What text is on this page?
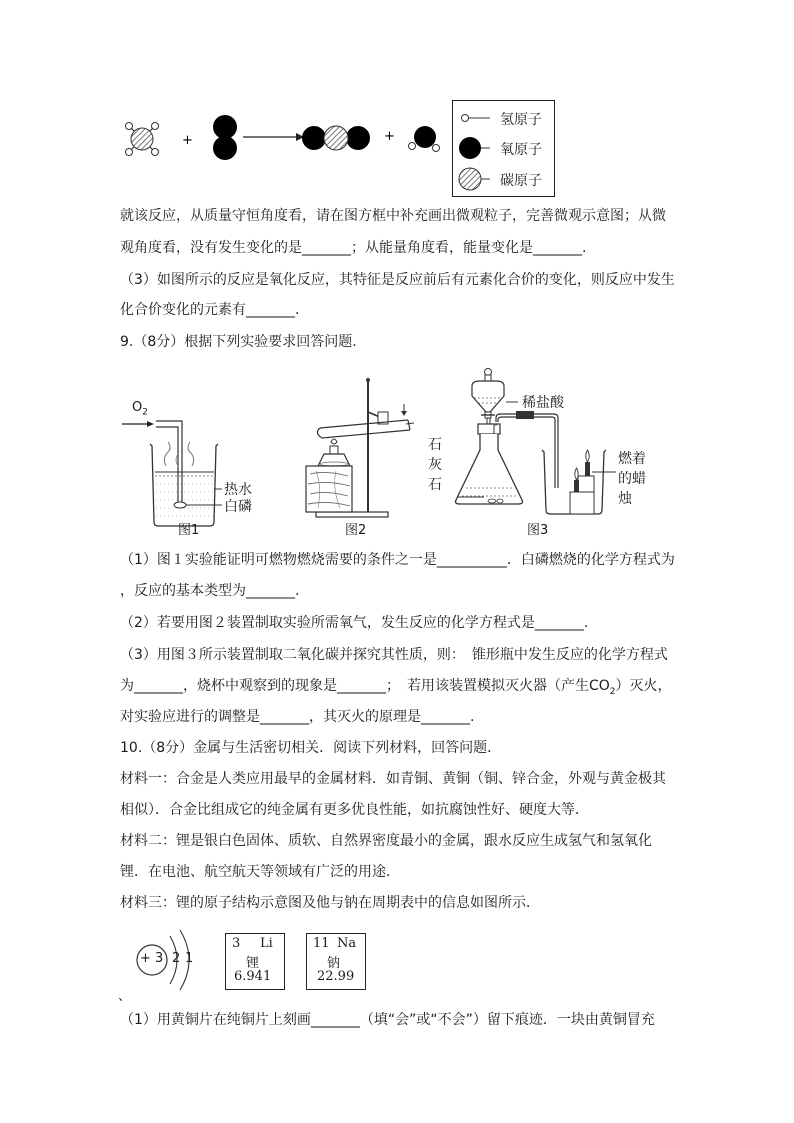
+	+
氢原子
氧原子
碳原子
就该反应，从质量守恒角度看，请在图方框中补充画出微观粒子，完善微观示意图；从微
观角度看，没有发生变化的是_______；从能量角度看，能量变化是_______.
（3）如图所示的反应是氧化反应，其特征是反应前后有元素化合价的变化，则反应中发生
化合价变化的元素有_______.
9.（8分）根据下列实验要求回答问题.
$O_2$
热水
白磷
图1	图2
稀盐酸
石
灰
石
燃着
的蜡
烛
图3
（1）图１实验能证明可燃物燃烧需要的条件之一是__________．白磷燃烧的化学方程式为
，反应的基本类型为_______.
（2）若要用图２装置制取实验所需氧气，发生反应的化学方程式是_______.
（3）用图３所示装置制取二氧化碳并探究其性质，则：　锥形瓶中发生反应的化学方程式
为_______，烧杯中观察到的现象是_______；　若用该装置模拟灭火器（产生$CO_2$）灭火，
对实验应进行的调整是_______，其灭火的原理是_______.
10.（8分）金属与生活密切相关．阅读下列材料，回答问题．
材料一：合金是人类应用最早的金属材料．如青铜、黄铜（铜、锌合金，外观与黄金极其
相似）．合金比组成它的纯金属有更多优良性能，如抗腐蚀性好、硬度大等．
材料二：锂是银白色固体、质软、自然界密度最小的金属，跟水反应生成氢气和氢氧化
锂．在电池、航空航天等领域有广泛的用途．
材料三：锂的原子结构示意图及他与钠在周期表中的信息如图所示．
+ 3 2 1
3 Li
锂
6.941
11 Na
钠
22.99
、
（1）用黄铜片在纯铜片上刻画_______（填“会”或“不会”）留下痕迹．一块由黄铜冒充
